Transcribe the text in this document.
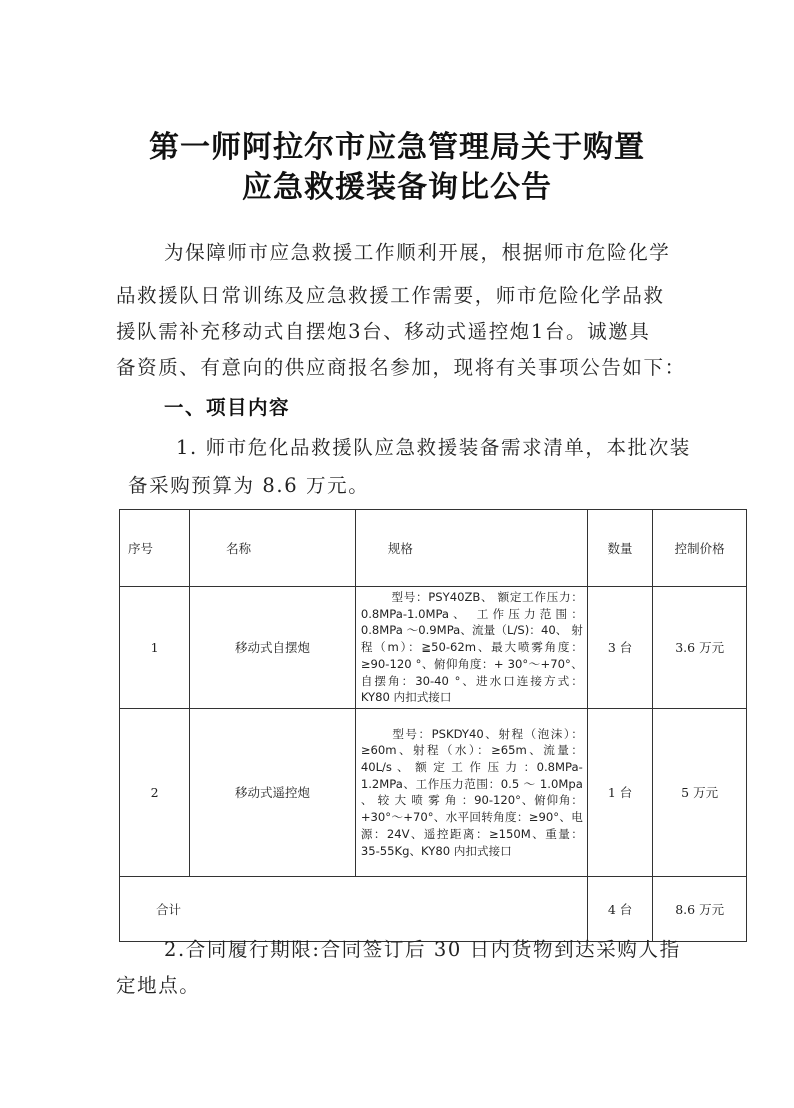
第一师阿拉尔市应急管理局关于购置
应急救援装备询比公告
为保障师市应急救援工作顺利开展，根据师市危险化学
品救援队日常训练及应急救援工作需要，师市危险化学品救
援队需补充移动式自摆炮3台、移动式遥控炮1台。诚邀具
备资质、有意向的供应商报名参加，现将有关事项公告如下：
一、项目内容
1. 师市危化品救援队应急救援装备需求清单，本批次装
备采购预算为 8.6 万元。
序号	名称	规格	数量	控制价格
1	移动式自摆炮	型号：PSY40ZB、 额定工作压力：0.8MPa-1.0MPa、 工作压力范围：0.8MPa ～0.9MPa、流量（L/S)：40、 射程（m）：≧50-62m、最大喷雾角度：≥90-120 °、俯仰角度：+ 30°～+70°、自摆角：30-40 °、进水口连接方式：KY80 内扣式接口	3 台	3.6 万元
2	移动式遥控炮	型号：PSKDY40、射程（泡沫）：≥60m、射程（水）：≥65m、流量：40L/s 、 额 定 工 作 压 力 ：0.8MPa-1.2MPa、工作压力范围：0.5 ～ 1.0Mpa 、 较 大 喷 雾 角 ：90-120°、俯仰角：+30°～+70°、水平回转角度：≥90°、电源：24V、遥控距离：≥150M、重量：35-55Kg、KY80 内扣式接口	1 台	5 万元
合计			4 台	8.6 万元
2.合同履行期限:合同签订后 30 日内货物到达采购人指
定地点。
